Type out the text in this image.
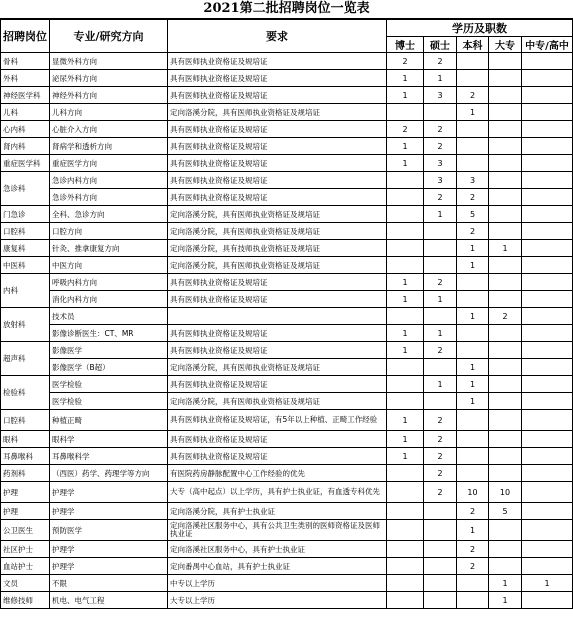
2021第二批招聘岗位一览表
招聘岗位	专业/研究方向	要求	学历及职数				
			博士	硕士	本科	大专	中专/高中
骨科	显微外科方向	具有医师执业资格证及规培证	2	2			
外科	泌尿外科方向	具有医师执业资格证及规培证	1	1			
神经医学科	神经外科方向	具有医师执业资格证及规培证	1	3	2		
儿科	儿科方向	定向洛溪分院，具有医师执业资格证及规培证			1		
心内科	心脏介入方向	具有医师执业资格证及规培证	2	2			
肾内科	肾病学和透析方向	具有医师执业资格证及规培证	1	2			
重症医学科	重症医学方向	具有医师执业资格证及规培证	1	3			
急诊科	急诊内科方向	具有医师执业资格证及规培证		3	3		
	急诊外科方向	具有医师执业资格证及规培证		2	2		
门急诊	全科、急诊方向	定向洛溪分院，具有医师执业资格证及规培证		1	5		
口腔科	口腔方向	定向洛溪分院，具有医师执业资格证及规培证			2		
康复科	针灸、推拿康复方向	定向洛溪分院，具有技师执业资格证及规培证			1	1	
中医科	中医方向	定向洛溪分院，具有医师执业资格证及规培证			1		
内科	呼吸内科方向	具有医师执业资格证及规培证	1	2			
	消化内科方向	具有医师执业资格证及规培证	1	1			
放射科	技术员				1	2	
	影像诊断医生：CT、MR	具有医师执业资格证及规培证	1	1			
超声科	影像医学	具有医师执业资格证及规培证	1	2			
	影像医学（B超）	定向洛溪分院，具有医师执业资格证及规培证			1		
检验科	医学检验	具有医师执业资格证及规培证		1	1		
	医学检验	定向洛溪分院，具有医师执业资格证及规培证			1		
口腔科	种植正畸	具有医师执业资格证及规培证，有5年以上种植、正畸工作经验	1	2			
眼科	眼科学	具有医师执业资格证及规培证	1	2			
耳鼻喉科	耳鼻喉科学	具有医师执业资格证及规培证	1	2			
药剂科	（西医）药学、药理学等方向	有医院药房静脉配置中心工作经验的优先		2			
护理	护理学	大专（高中起点）以上学历，具有护士执业证，有血透专科优先		2	10	10	
护理	护理学	定向洛溪分院，具有护士执业证			2	5	
公卫医生	预防医学	定向洛溪社区服务中心，具有公共卫生类别的医师资格证及医师执业证			1		
社区护士	护理学	定向洛溪社区服务中心，具有护士执业证			2		
血站护士	护理学	定向番禺中心血站，具有护士执业证			2		
文员	不限	中专以上学历				1	1
维修技师	机电、电气工程	大专以上学历				1	
